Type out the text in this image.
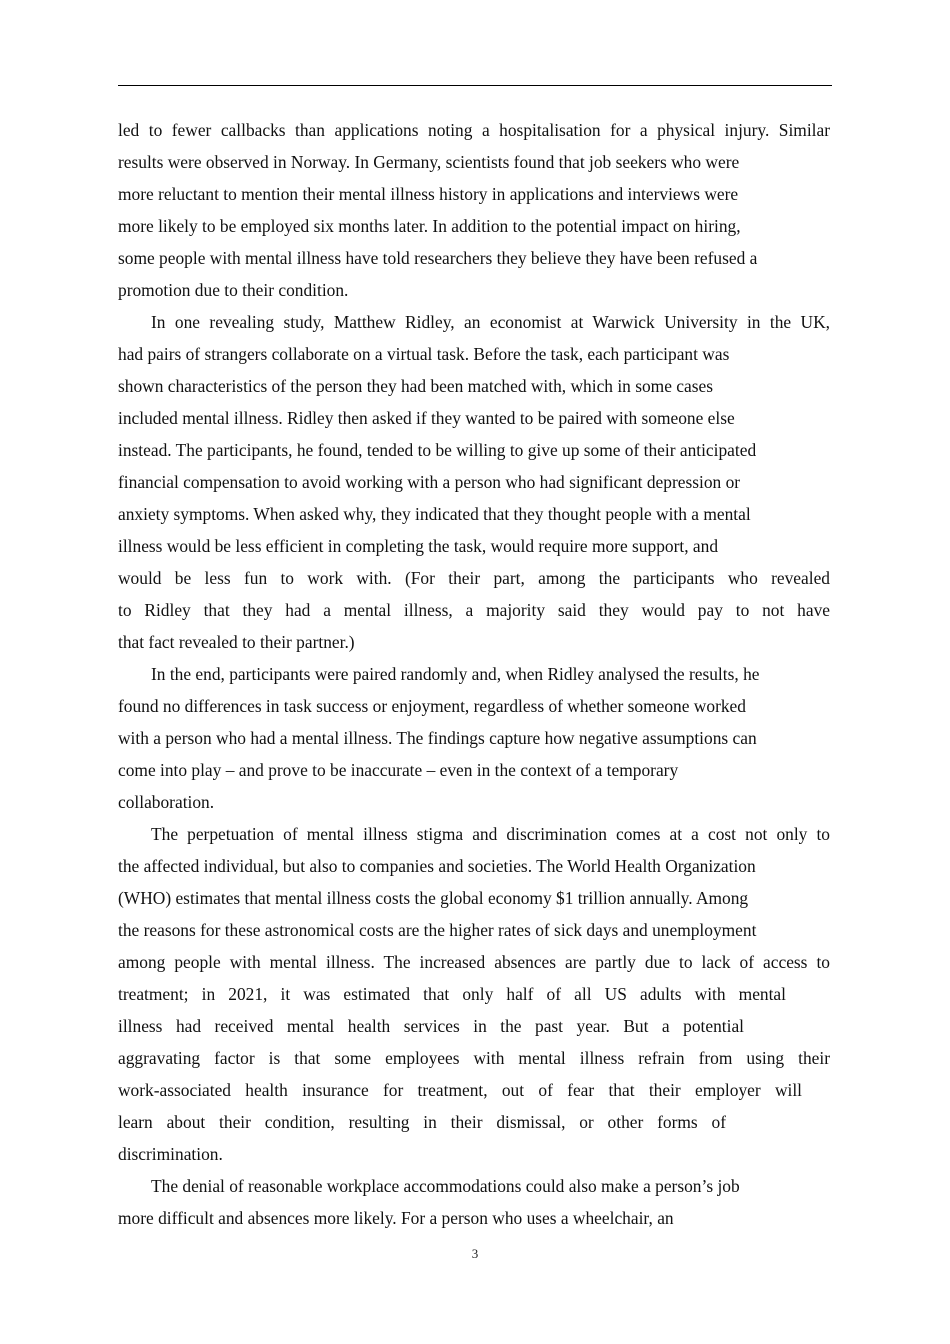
led to fewer callbacks than applications noting a hospitalisation for a physical injury. Similar
results were observed in Norway. In Germany, scientists found that job seekers who were
more reluctant to mention their mental illness history in applications and interviews were
more likely to be employed six months later. In addition to the potential impact on hiring,
some people with mental illness have told researchers they believe they have been refused a
promotion due to their condition.
In one revealing study, Matthew Ridley, an economist at Warwick University in the UK,
had pairs of strangers collaborate on a virtual task. Before the task, each participant was
shown characteristics of the person they had been matched with, which in some cases
included mental illness. Ridley then asked if they wanted to be paired with someone else
instead. The participants, he found, tended to be willing to give up some of their anticipated
financial compensation to avoid working with a person who had significant depression or
anxiety symptoms. When asked why, they indicated that they thought people with a mental
illness would be less efficient in completing the task, would require more support, and
would be less fun to work with. (For their part, among the participants who revealed
to Ridley that they had a mental illness, a majority said they would pay to not have
that fact revealed to their partner.)
In the end, participants were paired randomly and, when Ridley analysed the results, he
found no differences in task success or enjoyment, regardless of whether someone worked
with a person who had a mental illness. The findings capture how negative assumptions can
come into play – and prove to be inaccurate – even in the context of a temporary
collaboration.
The perpetuation of mental illness stigma and discrimination comes at a cost not only to
the affected individual, but also to companies and societies. The World Health Organization
(WHO) estimates that mental illness costs the global economy $1 trillion annually. Among
the reasons for these astronomical costs are the higher rates of sick days and unemployment
among people with mental illness. The increased absences are partly due to lack of access to
treatment; in 2021, it was estimated that only half of all US adults with mental
illness had received mental health services in the past year. But a potential
aggravating factor is that some employees with mental illness refrain from using their
work-associated health insurance for treatment, out of fear that their employer will
learn about their condition, resulting in their dismissal, or other forms of
discrimination.
The denial of reasonable workplace accommodations could also make a person’s job
more difficult and absences more likely. For a person who uses a wheelchair, an
3
